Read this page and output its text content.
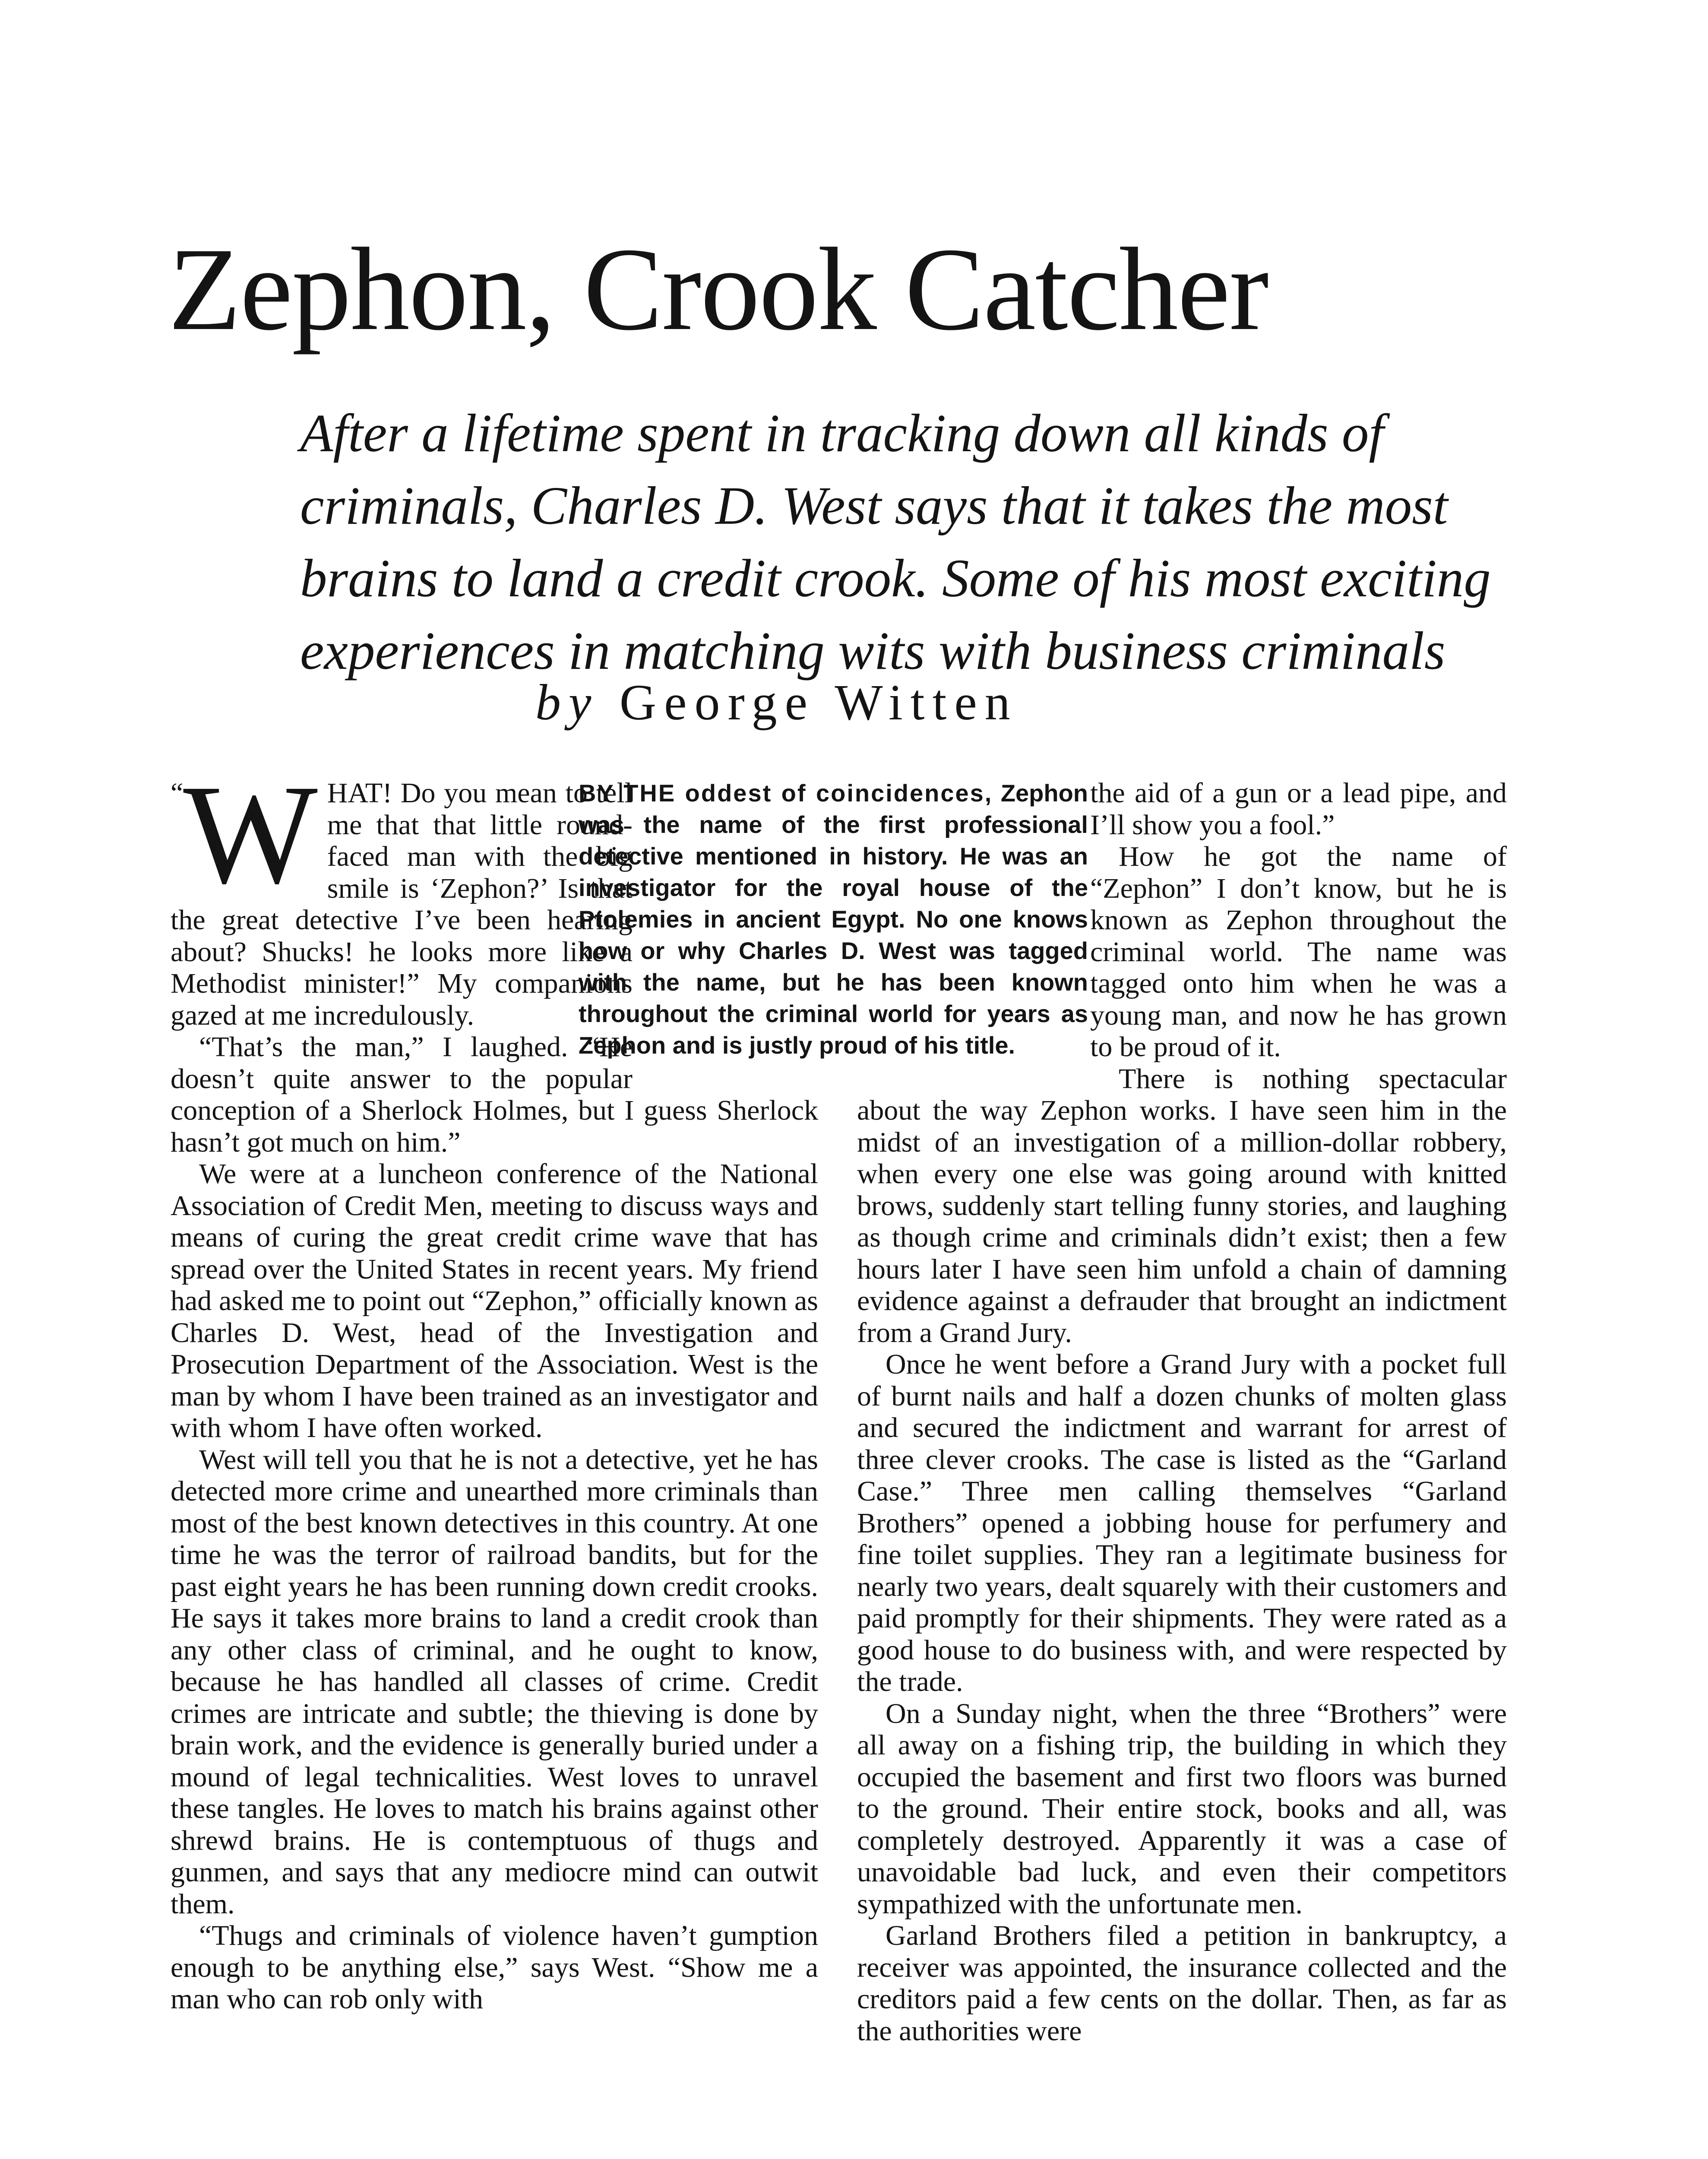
Zephon, Crook Catcher
After a lifetime spent in tracking down all kinds of
criminals, Charles D. West says that it takes the most
brains to land a credit crook. Some of his most exciting
experiences in matching wits with business criminals
by George Witten

“ W HAT! Do you mean to tell me that that little round-faced man with the big smile is ‘Zephon?’ Is that the great detective I’ve been hearing about? Shucks! he looks more like a Methodist minister!” My companions gazed at me incredulously.

“That’s the man,” I laughed. “He doesn’t quite answer to the popular conception of a Sherlock Holmes, but I guess Sherlock hasn’t got much on him.”

We were at a luncheon conference of the National Association of Credit Men, meeting to discuss ways and means of curing the great credit crime wave that has spread over the United States in recent years. My friend had asked me to point out “Zephon,” officially known as Charles D. West, head of the Investigation and Prosecution Department of the Association. West is the man by whom I have been trained as an investigator and with whom I have often worked.

West will tell you that he is not a detective, yet he has detected more crime and unearthed more criminals than most of the best known detectives in this country. At one time he was the terror of railroad bandits, but for the past eight years he has been running down credit crooks. He says it takes more brains to land a credit crook than any other class of criminal, and he ought to know, because he has handled all classes of crime. Credit crimes are intricate and subtle; the thieving is done by brain work, and the evidence is generally buried under a mound of legal technicalities. West loves to unravel these tangles. He loves to match his brains against other shrewd brains. He is contemptuous of thugs and gunmen, and says that any mediocre mind can outwit them.

“Thugs and criminals of violence haven’t gumption enough to be anything else,” says West. “Show me a man who can rob only with

BY THE oddest of coincidences, Zephon was the name of the first professional detective mentioned in history. He was an investigator for the royal house of the Ptolemies in ancient Egypt. No one knows how or why Charles D. West was tagged with the name, but he has been known throughout the criminal world for years as Zephon and is justly proud of his title.

the aid of a gun or a lead pipe, and I’ll show you a fool.”

How he got the name of “Zephon” I don’t know, but he is known as Zephon throughout the criminal world. The name was tagged onto him when he was a young man, and now he has grown to be proud of it.

There is nothing spectacular about the way Zephon works. I have seen him in the midst of an investigation of a million-dollar robbery, when every one else was going around with knitted brows, suddenly start telling funny stories, and laughing as though crime and criminals didn’t exist; then a few hours later I have seen him unfold a chain of damning evidence against a defrauder that brought an indictment from a Grand Jury.

Once he went before a Grand Jury with a pocket full of burnt nails and half a dozen chunks of molten glass and secured the indictment and warrant for arrest of three clever crooks. The case is listed as the “Garland Case.” Three men calling themselves “Garland Brothers” opened a jobbing house for perfumery and fine toilet supplies. They ran a legitimate business for nearly two years, dealt squarely with their customers and paid promptly for their shipments. They were rated as a good house to do business with, and were respected by the trade.

On a Sunday night, when the three “Brothers” were all away on a fishing trip, the building in which they occupied the basement and first two floors was burned to the ground. Their entire stock, books and all, was completely destroyed. Apparently it was a case of unavoidable bad luck, and even their competitors sympathized with the unfortunate men.

Garland Brothers filed a petition in bankruptcy, a receiver was appointed, the insurance collected and the creditors paid a few cents on the dollar. Then, as far as the authorities were
